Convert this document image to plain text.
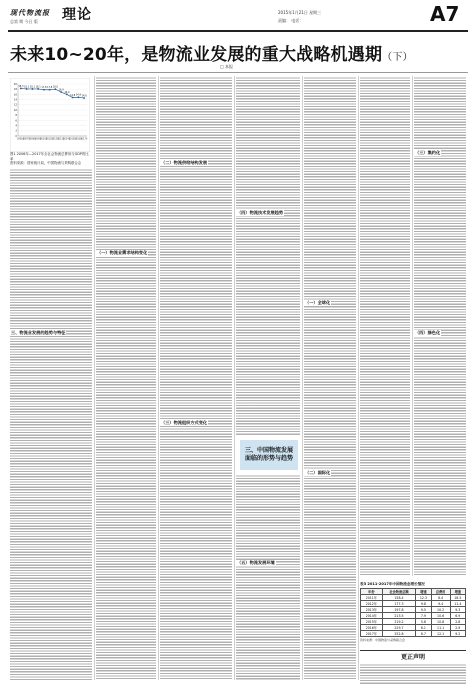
现代物流报
总第 期 今日 版 理论	2015年1月21日 星期三
责编： 电话：	A7
未来10~20年，是物流业发展的重大战略机遇期（下）
□ 本报
三、物流业发展的趋势与特征
（一）物流业需求结构变化
（二）物流供给结构发展
（三）物流组织方式变化
（四）物流技术发展趋势
（五）物流发展环境
（一）全球化
（二）国际化
（三）集约化
（四）绿色化
三、中国物流发展
面临的形势与趋势
0
2
4
6
8
10
12
14
16
18
20
2006年
2007年
2008年
2009年
2010年
2011年
2012年
2013年
2014年
2015年
2016年
2017年
18.3 18.1 18.1 18.1 17.8 17.8 18.0
16.9
16.0
14.8 14.9 14.6
图1 2006年—2017年全社会物流总费用与GDP的比率
资料来源：国家统计局、中国物流与采购联合会
表3 2011-2017年中国物流业增长情况
年份	社会物流总额	增速	总费用	增速
2011年	158.4	12.3	8.4	18.5
2012年	177.3	9.8	9.4	11.4
2013年	197.8	9.5	10.2	9.3
2014年	213.5	7.9	10.6	6.9
2015年	219.2	5.8	10.8	2.8
2016年	229.7	6.1	11.1	2.9
2017年	252.8	6.7	12.1	9.2
资料来源：中国物流与采购联合会
更正声明
